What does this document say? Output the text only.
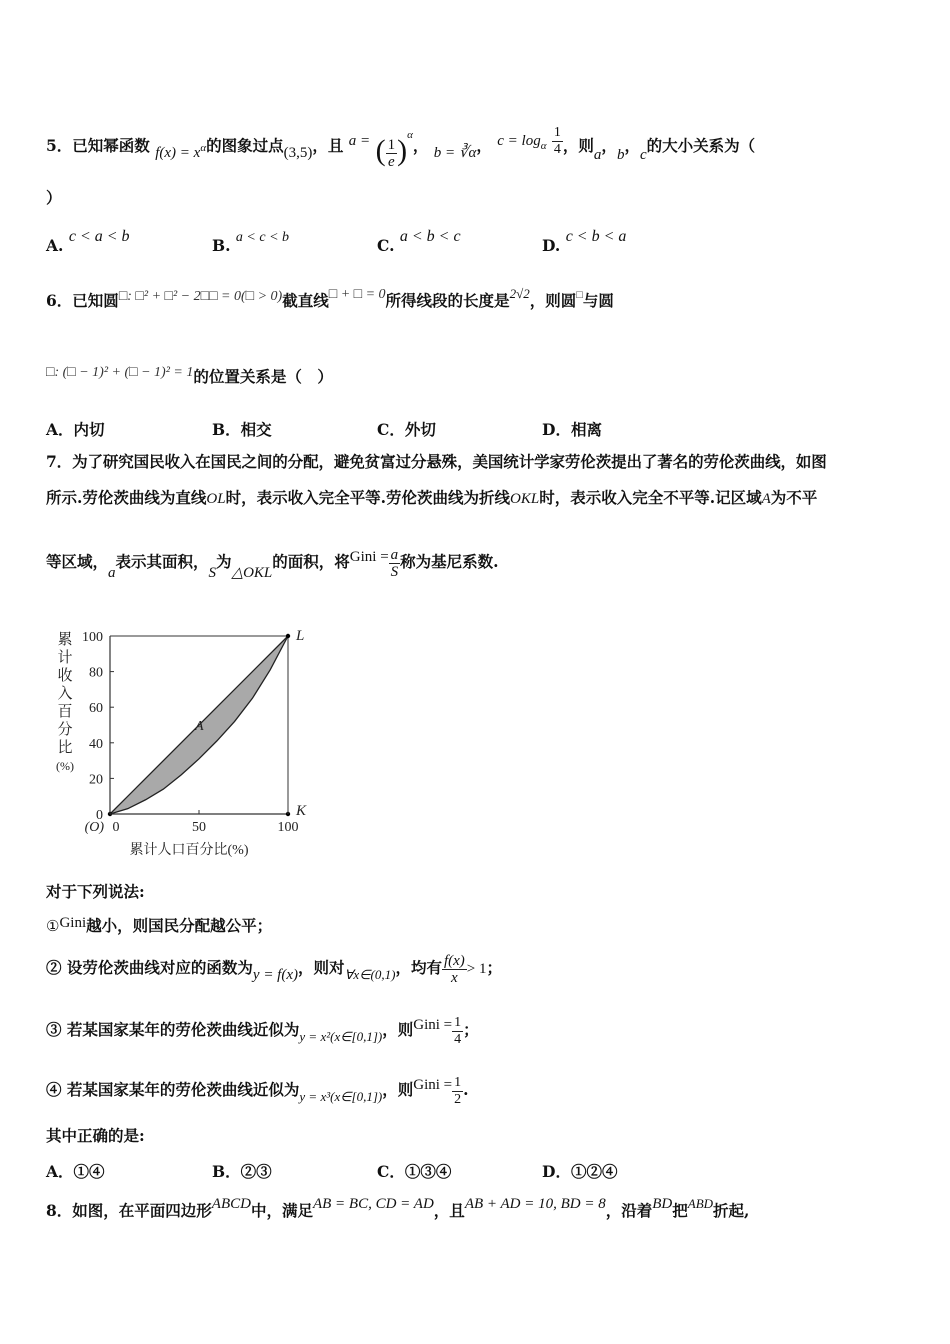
5．已知幂函数 $f(x) = x^\alpha$的图象过点(3,5)，且 a = ( $\frac{1}{e} )^\alpha$， b = ∛α， $c = \log_\alpha \frac{1}{4}$ ，则a，b，c的大小关系为（
）
A. c < a < b	B. a < c < b	C. a < b < c	D. c < b < a
6．已知圆□: □² + □² − 2□□ = 0(□ > 0)截直线□ + □ = 0所得线段的长度是$^{2√2}$，则圆□与圆
□: (□ − 1)² + (□ − 1)² = 1的位置关系是（　）
A．内切	B．相交	C．外切	D．相离
7．为了研究国民收入在国民之间的分配，避免贫富过分悬殊，美国统计学家劳伦茨提出了著名的劳伦茨曲线，如图
所示.劳伦茨曲线为直线OL时，表示收入完全平等.劳伦茨曲线为折线OKL时，表示收入完全不平等.记区域A为不平
等区域，a表示其面积，S为△OKL的面积，将Gini = $\frac{a}{S}$ 称为基尼系数.
0
20
40
60
80
100
0	50	100
(O)
L
K
A
累
计
收
入
百
分
比
(%)
累计人口百分比(%)
对于下列说法:
①Gini越小，则国民分配越公平；
② 设劳伦茨曲线对应的函数为y = f(x)，则对$_{\forall x\in(0,1)}$，均有 $\frac{f(x)}{x} > 1$；
③ 若某国家某年的劳伦茨曲线近似为$_{y = x^2(x\in[0,1])}$，则Gini = $\frac{1}{4}$ ；
④ 若某国家某年的劳伦茨曲线近似为$_{y = x^3(x\in[0,1])}$，则Gini = $\frac{1}{2}$ .
其中正确的是:
A．①④	B．②③	C．①③④	D．①②④
8．如图，在平面四边形ABCD中，满足AB = BC, CD = AD，且AB + AD = 10, BD = 8，沿着BD把$^{ABD}$折起,
